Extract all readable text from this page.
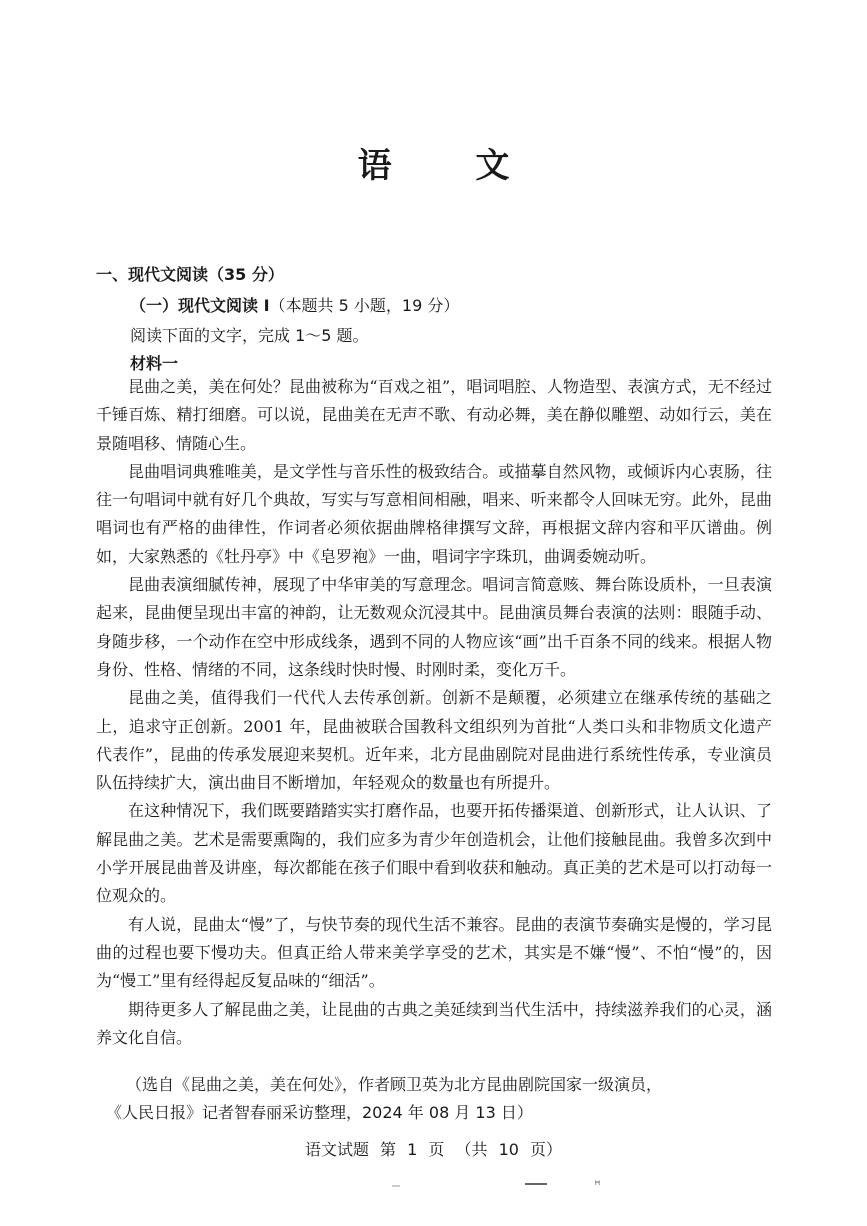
语 文
一、现代文阅读（35 分）
（一）现代文阅读 I（本题共 5 小题，19 分）
阅读下面的文字，完成 1～5 题。
材料一

昆曲之美，美在何处？昆曲被称为“百戏之祖”，唱词唱腔、人物造型、表演方式，无不经过千锤百炼、精打细磨。可以说，昆曲美在无声不歌、有动必舞，美在静似雕塑、动如行云，美在景随唱移、情随心生。

昆曲唱词典雅唯美，是文学性与音乐性的极致结合。或描摹自然风物，或倾诉内心衷肠，往往一句唱词中就有好几个典故，写实与写意相间相融，唱来、听来都令人回味无穷。此外，昆曲唱词也有严格的曲律性，作词者必须依据曲牌格律撰写文辞，再根据文辞内容和平仄谱曲。例如，大家熟悉的《牡丹亭》中《皂罗袍》一曲，唱词字字珠玑，曲调委婉动听。

昆曲表演细腻传神，展现了中华审美的写意理念。唱词言简意赅、舞台陈设质朴，一旦表演起来，昆曲便呈现出丰富的神韵，让无数观众沉浸其中。昆曲演员舞台表演的法则：眼随手动、身随步移，一个动作在空中形成线条，遇到不同的人物应该“画”出千百条不同的线来。根据人物身份、性格、情绪的不同，这条线时快时慢、时刚时柔，变化万千。

昆曲之美，值得我们一代代人去传承创新。创新不是颠覆，必须建立在继承传统的基础之上，追求守正创新。2001 年，昆曲被联合国教科文组织列为首批“人类口头和非物质文化遗产代表作”，昆曲的传承发展迎来契机。近年来，北方昆曲剧院对昆曲进行系统性传承，专业演员队伍持续扩大，演出曲目不断增加，年轻观众的数量也有所提升。

在这种情况下，我们既要踏踏实实打磨作品，也要开拓传播渠道、创新形式，让人认识、了解昆曲之美。艺术是需要熏陶的，我们应多为青少年创造机会，让他们接触昆曲。我曾多次到中小学开展昆曲普及讲座，每次都能在孩子们眼中看到收获和触动。真正美的艺术是可以打动每一位观众的。

有人说，昆曲太“慢”了，与快节奏的现代生活不兼容。昆曲的表演节奏确实是慢的，学习昆曲的过程也要下慢功夫。但真正给人带来美学享受的艺术，其实是不嫌“慢”、不怕“慢”的，因为“慢工”里有经得起反复品味的“细活”。

期待更多人了解昆曲之美，让昆曲的古典之美延续到当代生活中，持续滋养我们的心灵，涵养文化自信。

（选自《昆曲之美，美在何处》，作者顾卫英为北方昆曲剧院国家一级演员，
《人民日报》记者智春丽采访整理，2024 年 08 月 13 日）
语文试题 第 1 页 （共 10 页）
ꟸ
